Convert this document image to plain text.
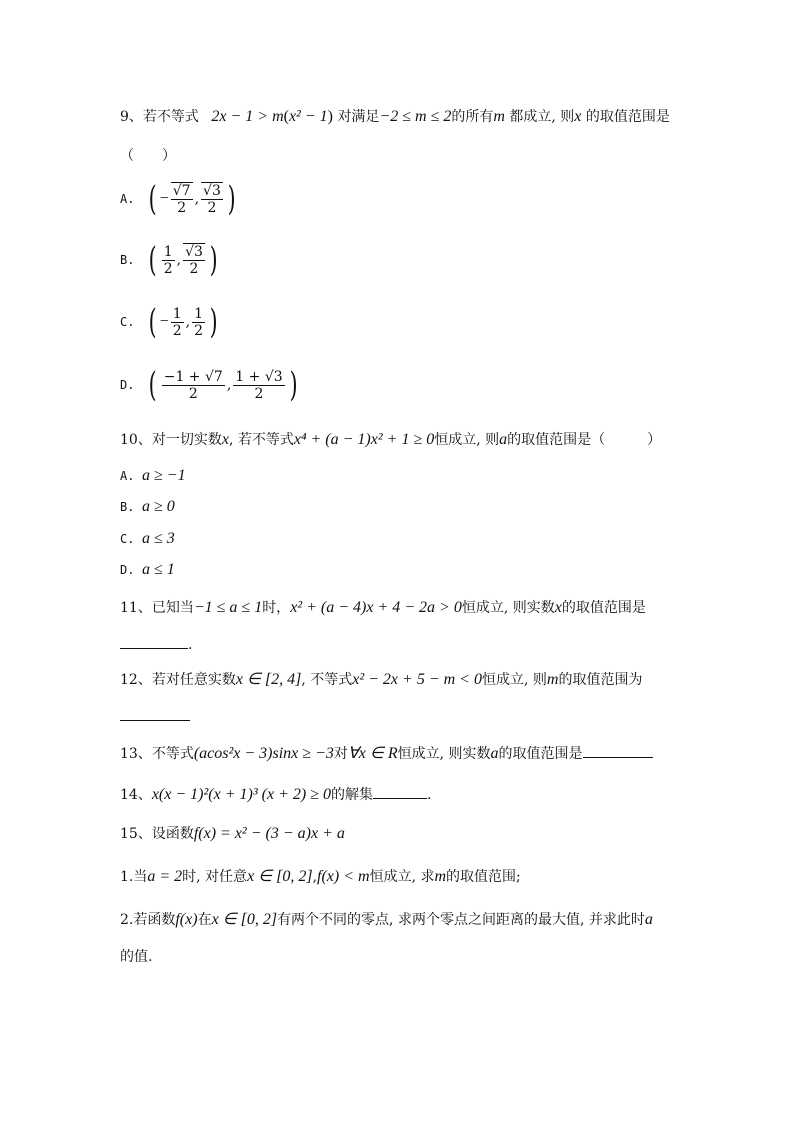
9、若不等式 2x − 1 > m(x² − 1) 对满足−2 ≤ m ≤ 2的所有m 都成立, 则x 的取值范围是
（　　）
A. ( − $\frac{√7}{2}$ , $\frac{√3}{2}$ )
B. ( $\frac{1}{2}$ , $\frac{√3}{2}$ )
C. ( − $\frac{1}{2}$ , $\frac{1}{2}$ )
D. ( $\frac{-1 + √7}{2}$ , $\frac{1 + √3}{2}$ )
10、对一切实数x, 若不等式x⁴ + (a − 1)x² + 1 ≥ 0恒成立, 则a的取值范围是（　　　）
A. a ≥ −1
B. a ≥ 0
C. a ≤ 3
D. a ≤ 1
11、已知当−1 ≤ a ≤ 1时，x² + (a − 4)x + 4 − 2a > 0恒成立, 则实数x的取值范围是
.
12、若对任意实数x ∈ [2, 4], 不等式x² − 2x + 5 − m < 0恒成立, 则m的取值范围为
13、不等式(acos²x − 3)sinx ≥ −3对∀x ∈ R恒成立, 则实数a的取值范围是
14、x(x − 1)²(x + 1)³ (x + 2) ≥ 0的解集	.
15、设函数f(x) = x² − (3 − a)x + a
1.当a = 2时, 对任意x ∈ [0, 2],f(x) < m恒成立, 求m的取值范围;
2.若函数f(x)在x ∈ [0, 2]有两个不同的零点, 求两个零点之间距离的最大值, 并求此时a
的值.
